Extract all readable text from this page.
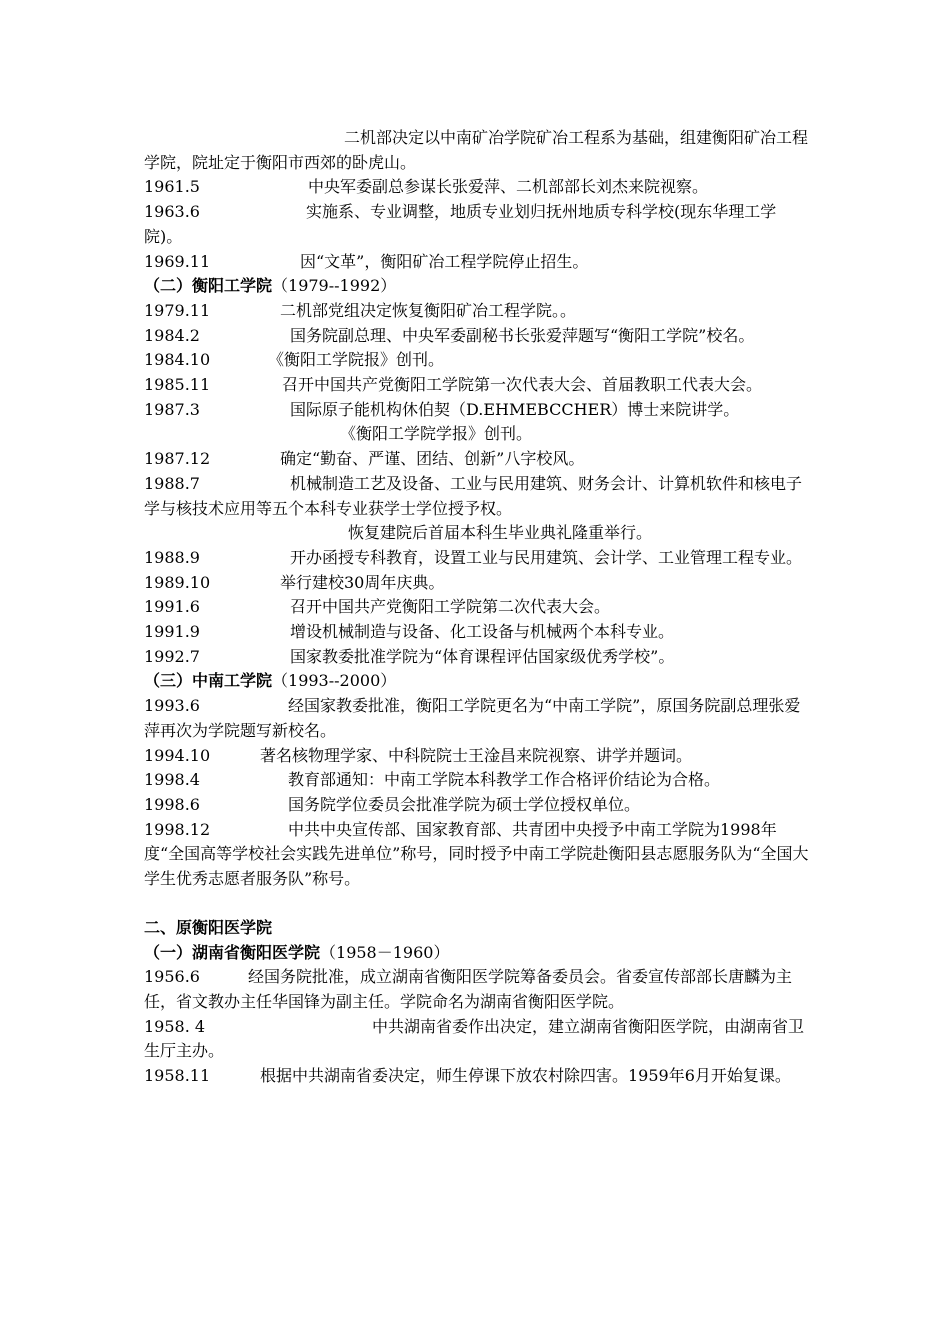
二机部决定以中南矿冶学院矿冶工程系为基础，组建衡阳矿冶工程学院，院址定于衡阳市西郊的卧虎山。
1961.5	中央军委副总参谋长张爱萍、二机部部长刘杰来院视察。
1963.6	实施系、专业调整，地质专业划归抚州地质专科学校(现东华理工学院)。
1969.11	因“文革”，衡阳矿冶工程学院停止招生。
（二）衡阳工学院（1979--1992）
1979.11	二机部党组决定恢复衡阳矿冶工程学院。。
1984.2	国务院副总理、中央军委副秘书长张爱萍题写“衡阳工学院”校名。
1984.10	《衡阳工学院报》创刊。
1985.11	召开中国共产党衡阳工学院第一次代表大会、首届教职工代表大会。
1987.3	国际原子能机构休伯契（D.EHMEBCCHER）博士来院讲学。
《衡阳工学院学报》创刊。
1987.12	确定“勤奋、严谨、团结、创新”八字校风。
1988.7	机械制造工艺及设备、工业与民用建筑、财务会计、计算机软件和核电子学与核技术应用等五个本科专业获学士学位授予权。
恢复建院后首届本科生毕业典礼隆重举行。
1988.9	开办函授专科教育，设置工业与民用建筑、会计学、工业管理工程专业。
1989.10	举行建校30周年庆典。
1991.6	召开中国共产党衡阳工学院第二次代表大会。
1991.9	增设机械制造与设备、化工设备与机械两个本科专业。
1992.7	国家教委批准学院为“体育课程评估国家级优秀学校”。
（三）中南工学院（1993--2000）
1993.6	经国家教委批准，衡阳工学院更名为“中南工学院”，原国务院副总理张爱萍再次为学院题写新校名。
1994.10	著名核物理学家、中科院院士王淦昌来院视察、讲学并题词。
1998.4	教育部通知：中南工学院本科教学工作合格评价结论为合格。
1998.6	国务院学位委员会批准学院为硕士学位授权单位。
1998.12	中共中央宣传部、国家教育部、共青团中央授予中南工学院为1998年度“全国高等学校社会实践先进单位”称号，同时授予中南工学院赴衡阳县志愿服务队为“全国大学生优秀志愿者服务队”称号。
二、原衡阳医学院
（一）湖南省衡阳医学院（1958－1960）
1956.6	经国务院批准，成立湖南省衡阳医学院筹备委员会。省委宣传部部长唐麟为主任，省文教办主任华国锋为副主任。学院命名为湖南省衡阳医学院。
1958. 4	中共湖南省委作出决定，建立湖南省衡阳医学院，由湖南省卫生厅主办。
1958.11	根据中共湖南省委决定，师生停课下放农村除四害。1959年6月开始复课。
